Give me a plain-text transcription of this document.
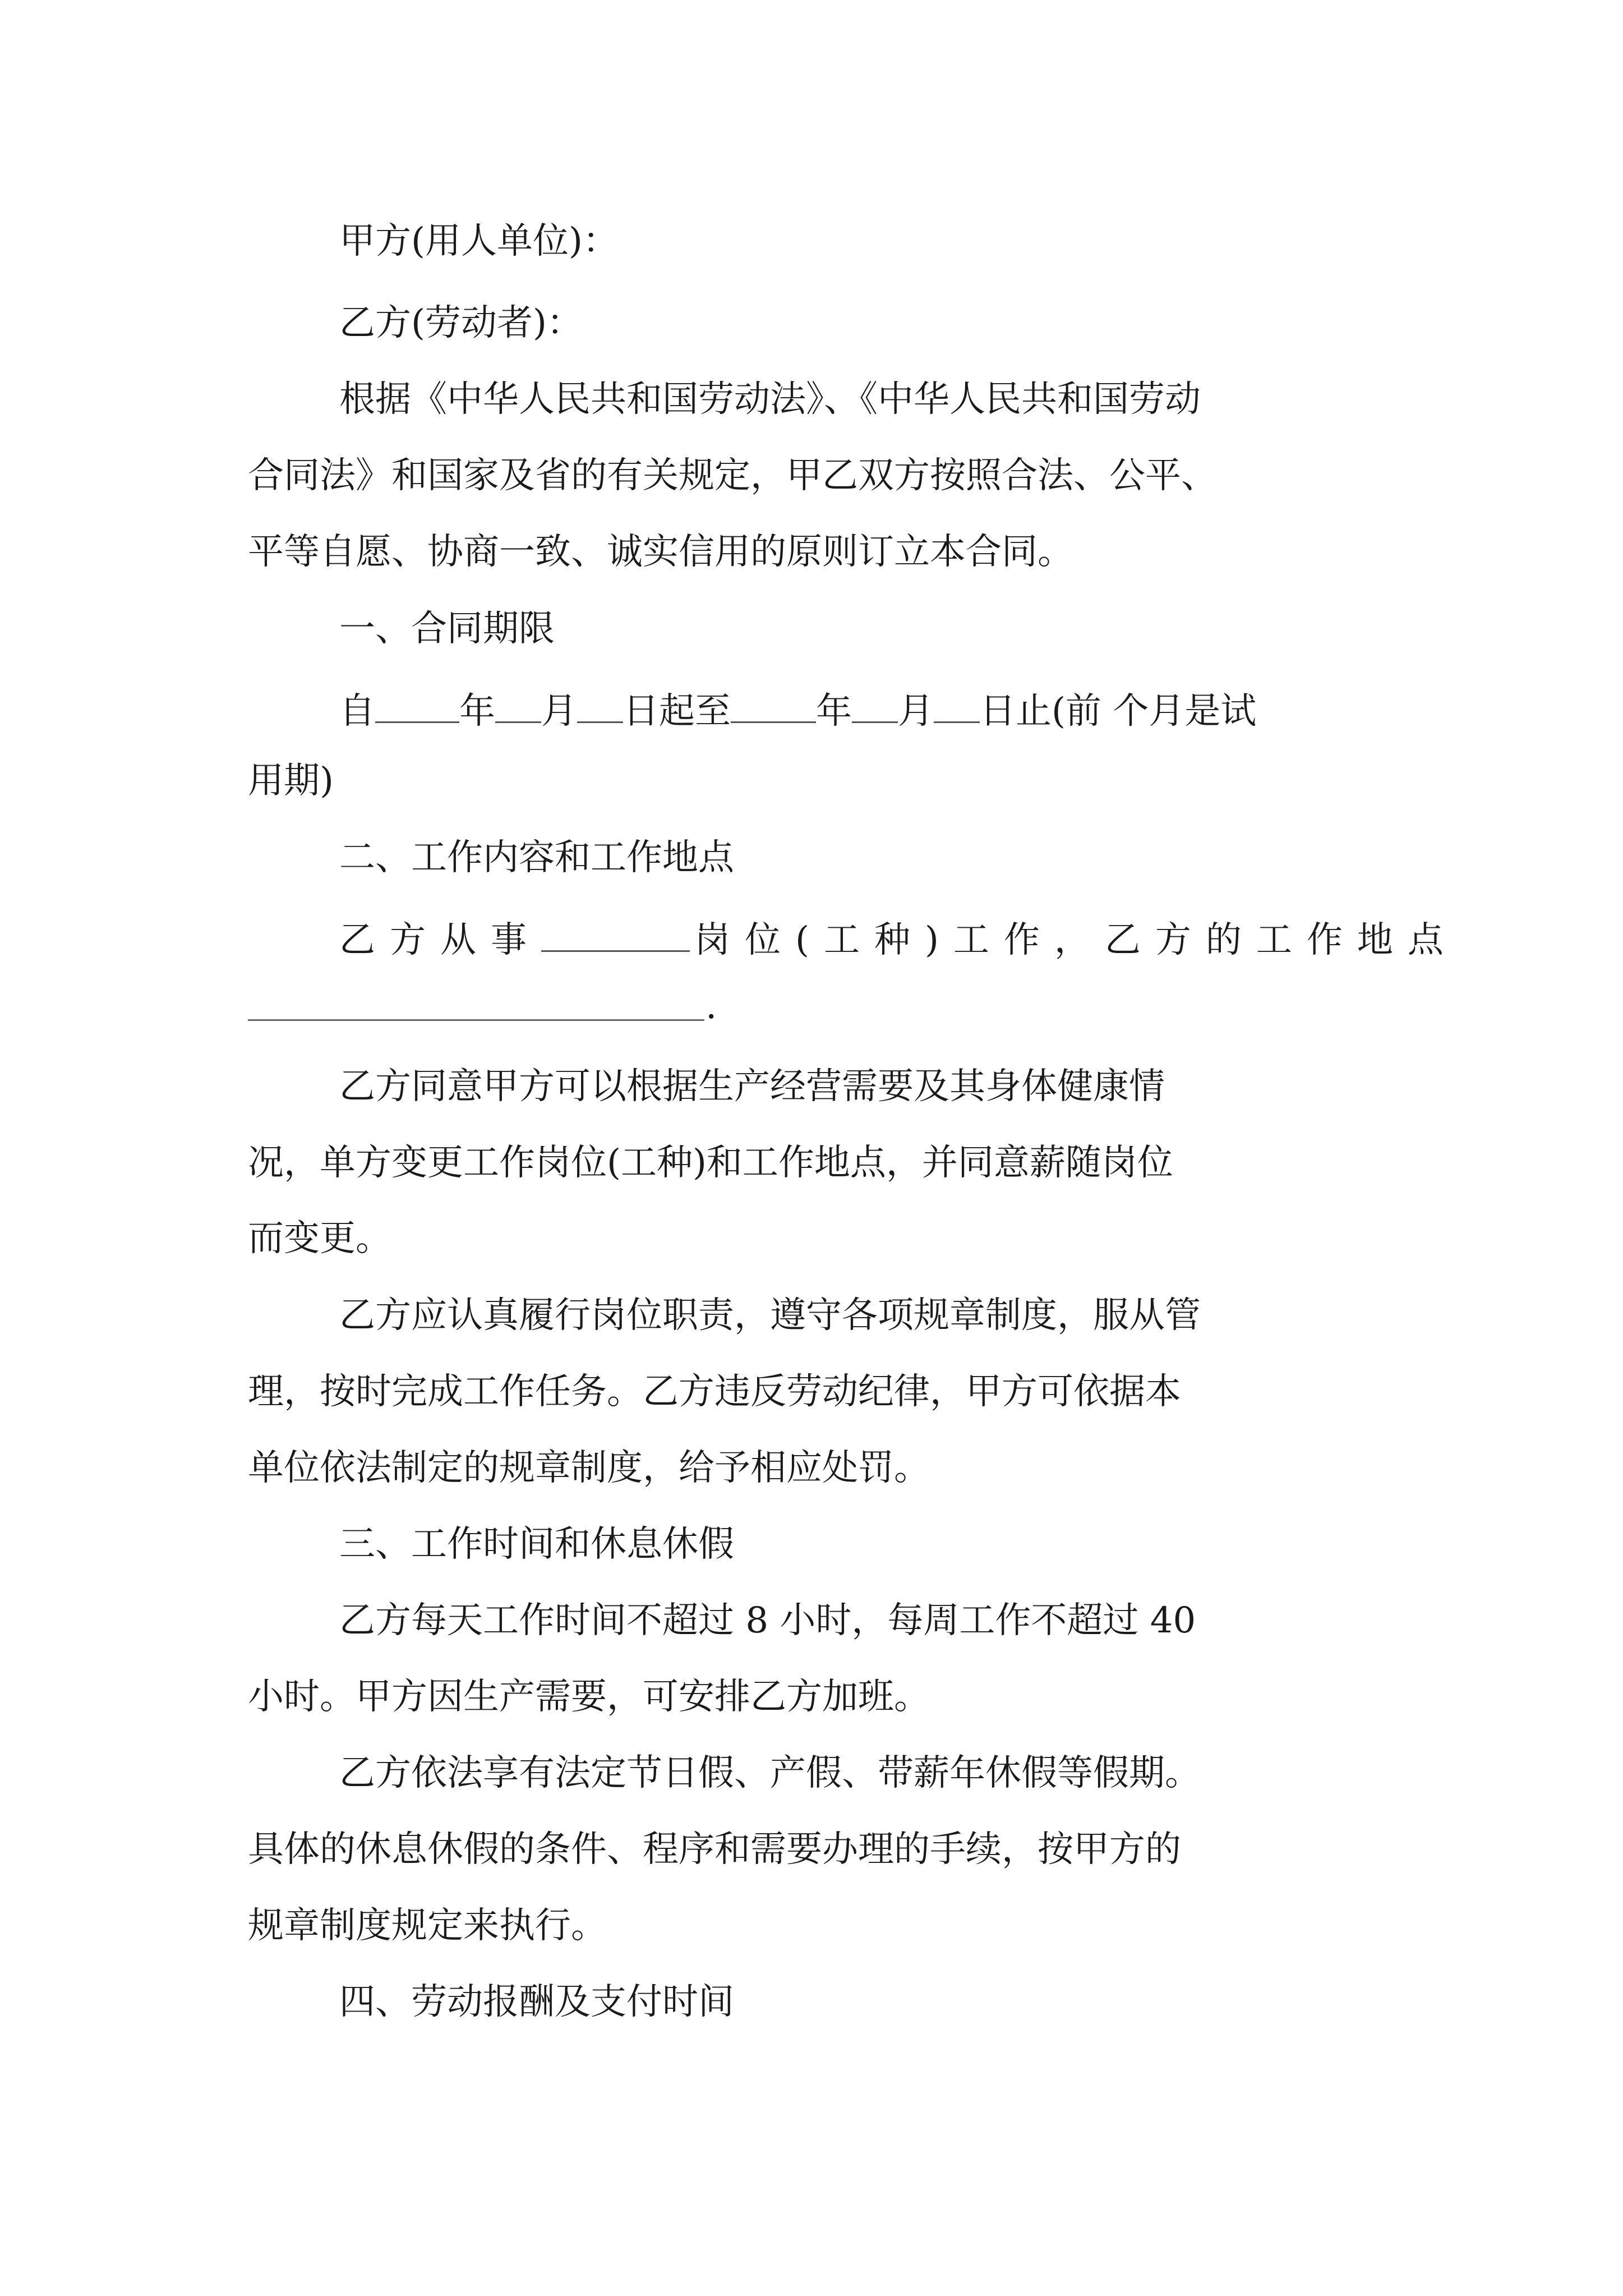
甲方(用人单位)：
乙方(劳动者)：
根据《中华人民共和国劳动法》、《中华人民共和国劳动
合同法》和国家及省的有关规定，甲乙双方按照合法、公平、
平等自愿、协商一致、诚实信用的原则订立本合同。
一、合同期限
自 年 月 日起至 年 月 日止(前 个月是试
用期)
二、工作内容和工作地点
乙方从事	岗位(工种)工作，乙方的工作地点
.
乙方同意甲方可以根据生产经营需要及其身体健康情
况，单方变更工作岗位(工种)和工作地点，并同意薪随岗位
而变更。
乙方应认真履行岗位职责，遵守各项规章制度，服从管
理，按时完成工作任务。乙方违反劳动纪律，甲方可依据本
单位依法制定的规章制度，给予相应处罚。
三、工作时间和休息休假
乙方每天工作时间不超过 8 小时，每周工作不超过 40
小时。甲方因生产需要，可安排乙方加班。
乙方依法享有法定节日假、产假、带薪年休假等假期。
具体的休息休假的条件、程序和需要办理的手续，按甲方的
规章制度规定来执行。
四、劳动报酬及支付时间
